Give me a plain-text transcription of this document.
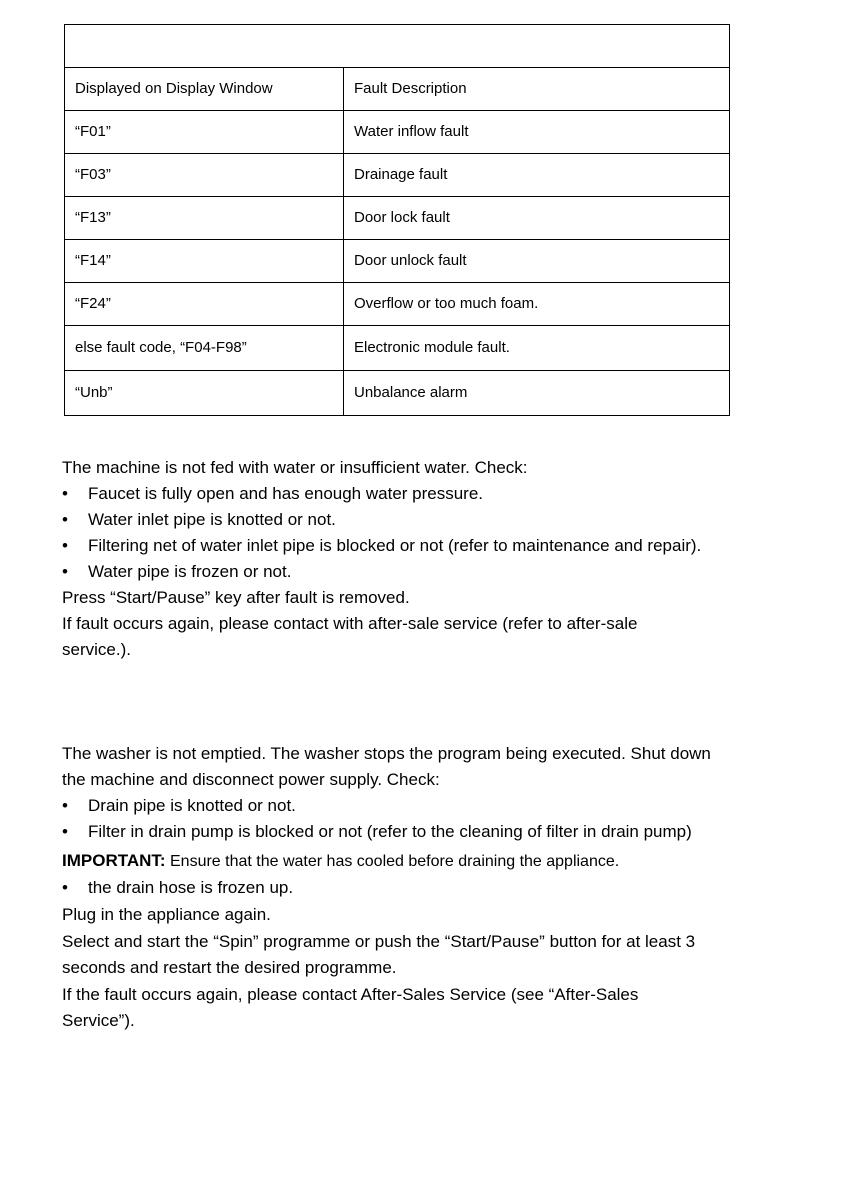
Displayed on Display Window	Fault Description
“F01”	Water inflow fault
“F03”	Drainage fault
“F13”	Door lock fault
“F14”	Door unlock fault
“F24”	Overflow or too much foam.
else fault code, “F04-F98”	Electronic module fault.
“Unb”	Unbalance alarm

The machine is not fed with water or insufficient water. Check:

• Faucet is fully open and has enough water pressure.
• Water inlet pipe is knotted or not.
• Filtering net of water inlet pipe is blocked or not (refer to maintenance and repair).
• Water pipe is frozen or not.

Press “Start/Pause” key after fault is removed.

If fault occurs again, please contact with after-sale service (refer to after-sale service.).

The washer is not emptied. The washer stops the program being executed. Shut down the machine and disconnect power supply. Check:

• Drain pipe is knotted or not.
• Filter in drain pump is blocked or not (refer to the cleaning of filter in drain pump)

IMPORTANT: Ensure that the water has cooled before draining the appliance.

• the drain hose is frozen up.

Plug in the appliance again.

Select and start the “Spin” programme or push the “Start/Pause” button for at least 3 seconds and restart the desired programme.

If the fault occurs again, please contact After-Sales Service (see “After-Sales Service”).
